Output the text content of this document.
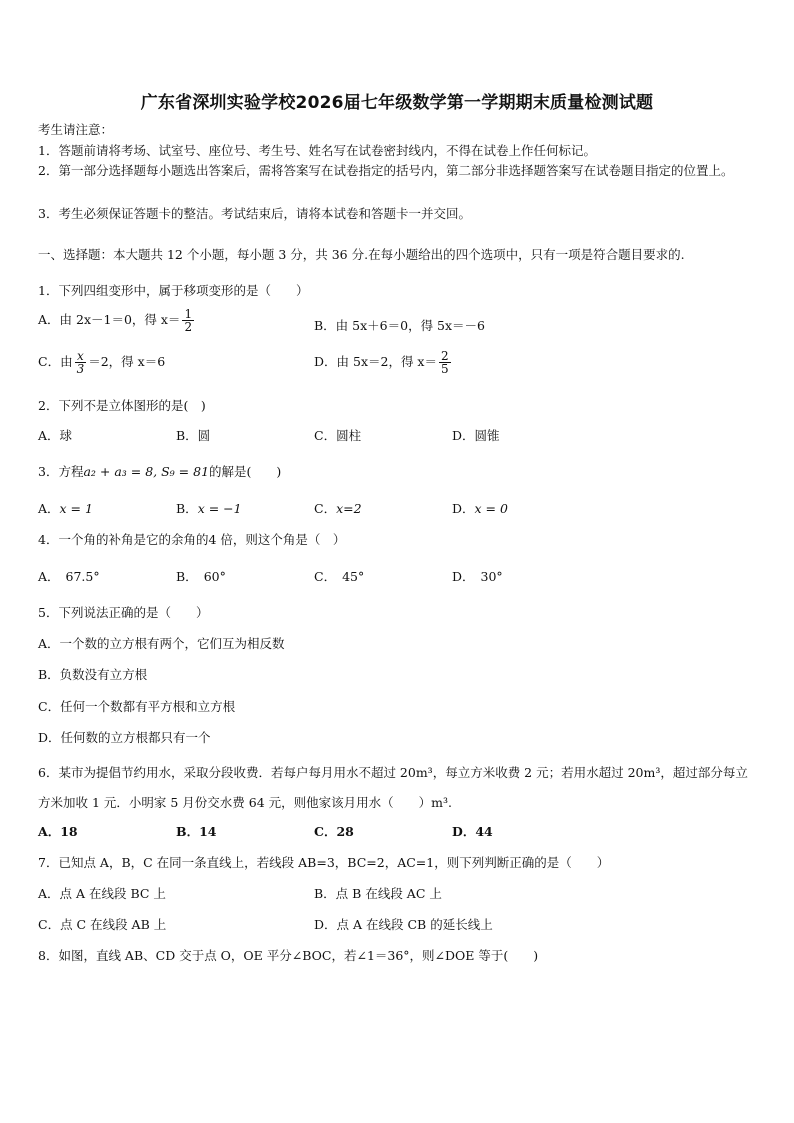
广东省深圳实验学校2026届七年级数学第一学期期末质量检测试题
考生请注意：
1．答题前请将考场、试室号、座位号、考生号、姓名写在试卷密封线内，不得在试卷上作任何标记。
2．第一部分选择题每小题选出答案后，需将答案写在试卷指定的括号内，第二部分非选择题答案写在试卷题目指定的位置上。
3．考生必须保证答题卡的整洁。考试结束后，请将本试卷和答题卡一并交回。
一、选择题：本大题共 12 个小题，每小题 3 分，共 36 分.在每小题给出的四个选项中，只有一项是符合题目要求的.
1．下列四组变形中，属于移项变形的是（　　）
A．由 2x－1＝0，得 $x= \frac{1}{2}$	B．由 5x＋6＝0，得 5x＝－6
C．由 $\frac{x}{3} =2$，得 x＝6	D．由 5x＝2，得 $x= \frac{2}{5}$
2．下列不是立体图形的是(　)
A．球	B．圆	C．圆柱	D．圆锥
3．方程a₂ + a₃ = 8, S₉ = 81的解是(　　)
A．x = 1	B．x = −1	C．x=2	D．x = 0
4．一个角的补角是它的余角的4 倍，则这个角是（　）
A． 67.5°	B． 60°	C． 45°	D． 30°
5．下列说法正确的是（　　）
A．一个数的立方根有两个，它们互为相反数
B．负数没有立方根
C．任何一个数都有平方根和立方根
D．任何数的立方根都只有一个
6．某市为提倡节约用水，采取分段收费．若每户每月用水不超过 20m³，每立方米收费 2 元；若用水超过 20m³，超过部分每立方米加收 1 元．小明家 5 月份交水费 64 元，则他家该月用水（　　）m³.
A．18	B．14	C．28	D．44
7．已知点 A，B，C 在同一条直线上，若线段 AB=3，BC=2，AC=1，则下列判断正确的是（　　）
A．点 A 在线段 BC 上	B．点 B 在线段 AC 上
C．点 C 在线段 AB 上	D．点 A 在线段 CB 的延长线上
8．如图，直线 AB、CD 交于点 O，OE 平分∠BOC，若∠1＝36°，则∠DOE 等于(　　)
